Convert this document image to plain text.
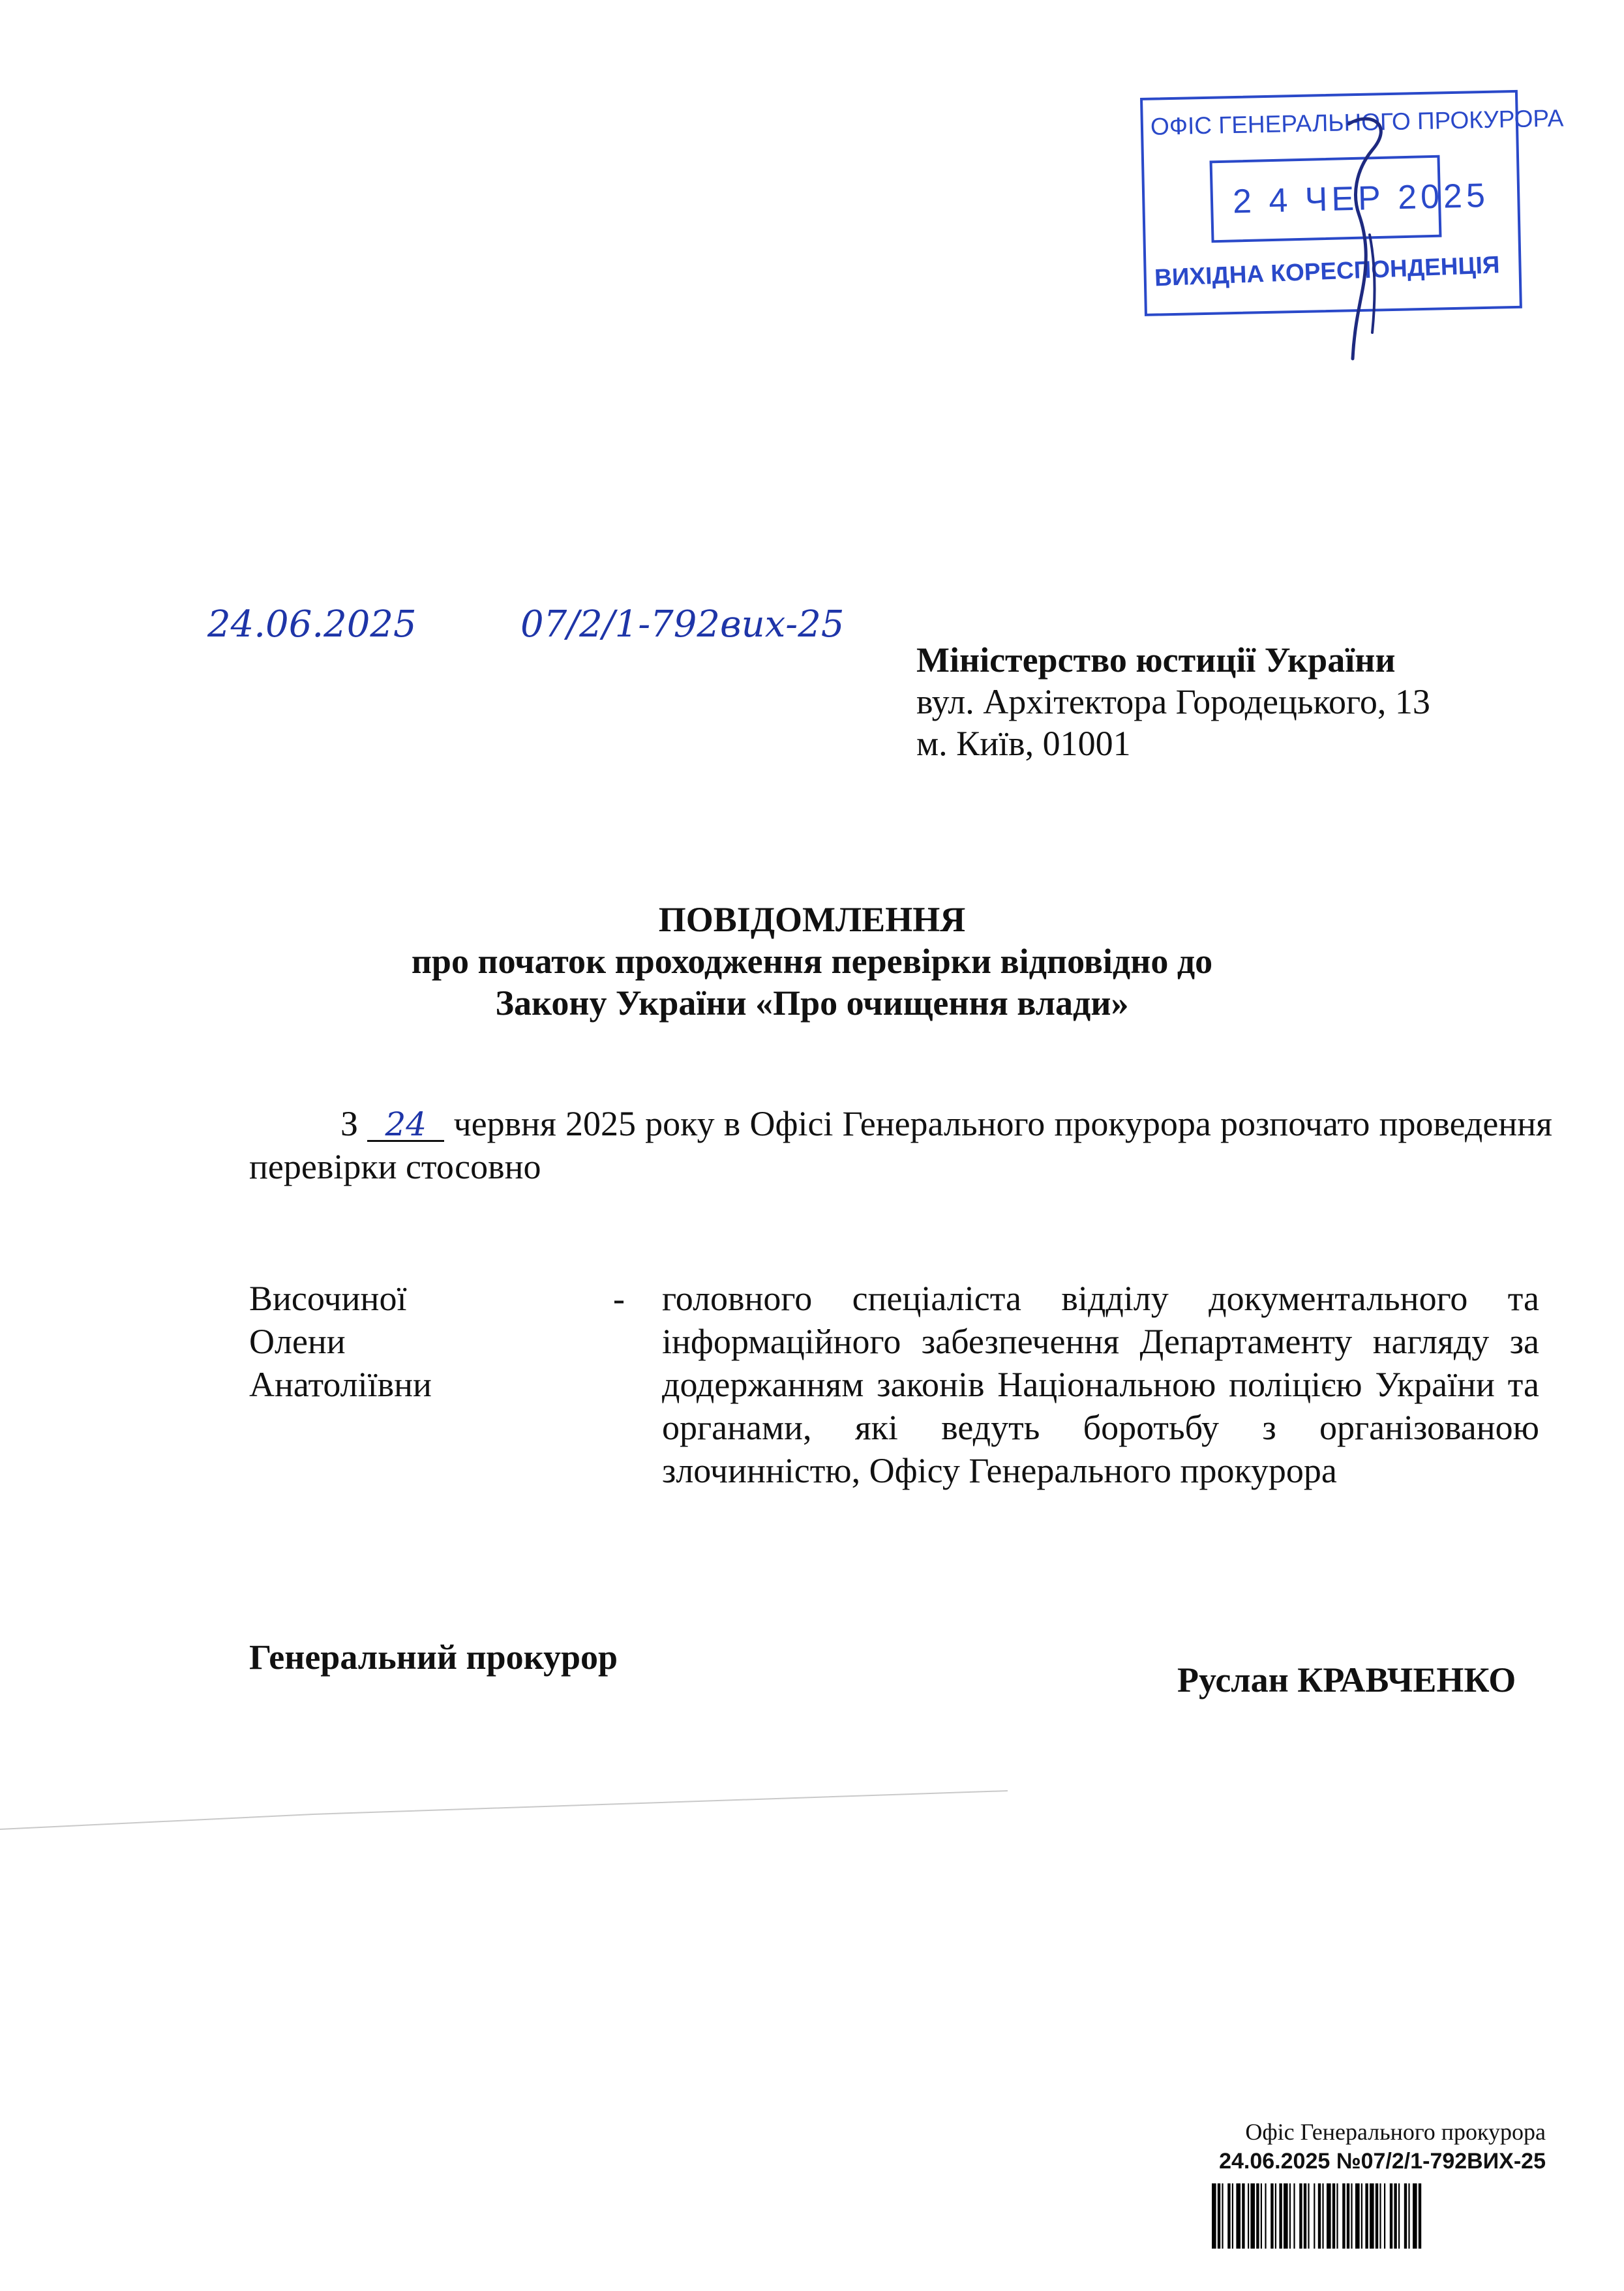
ОФІС ГЕНЕРАЛЬНОГО ПРОКУРОРА
2 4 ЧЕР 2025
ВИХІДНА КОРЕСПОНДЕНЦІЯ
24.06.2025	07/2/1-792вих-25
Міністерство юстиції України
вул. Архітектора Городецького, 13
м. Київ, 01001
ПОВІДОМЛЕННЯ
про початок проходження перевірки відповідно до
Закону України «Про очищення влади»
З 24 червня 2025 року в Офісі Генерального прокурора розпочато проведення перевірки стосовно
Височиної
Олени
Анатоліївни
- головного спеціаліста відділу документального та інформаційного забезпечення Департаменту нагляду за додержанням законів Національною поліцією України та органами, які ведуть боротьбу з організованою злочинністю, Офісу Генерального прокурора
Генеральний прокурор
Руслан КРАВЧЕНКО
Офіс Генерального прокурора
24.06.2025 №07/2/1-792ВИХ-25
